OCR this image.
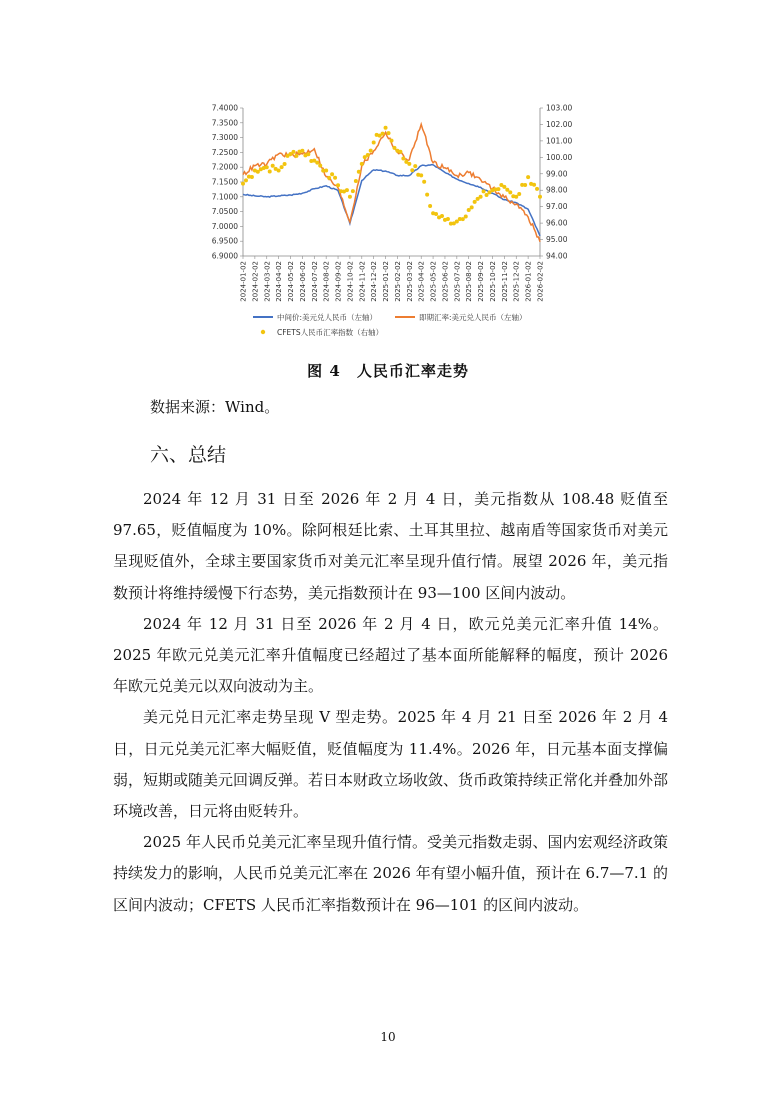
6.9000
6.9500
7.0000
7.0500
7.1000
7.1500
7.2000
7.2500
7.3000
7.3500
7.4000
94.00
95.00
96.00
97.00
98.00
99.00
100.00
101.00
102.00
103.00
2024-01-02 2024-02-02 2024-03-02 2024-04-02 2024-05-02 2024-06-02 2024-07-02 2024-08-02 2024-09-02 2024-10-02 2024-11-02 2024-12-02 2025-01-02 2025-02-02 2025-03-02 2025-04-02 2025-05-02 2025-06-02 2025-07-02 2025-08-02 2025-09-02 2025-10-02 2025-11-02 2025-12-02 2026-01-02 2026-02-02
中间价:美元兑人民币（左轴）	即期汇率:美元兑人民币（左轴）
CFETS人民币汇率指数（右轴）
图 4　人民币汇率走势
数据来源：Wind。
六、总结

2024 年 12 月 31 日至 2026 年 2 月 4 日，美元指数从 108.48 贬值至 97.65，贬值幅度为 10%。除阿根廷比索、土耳其里拉、越南盾等国家货币对美元呈现贬值外，全球主要国家货币对美元汇率呈现升值行情。展望 2026 年，美元指数预计将维持缓慢下行态势，美元指数预计在 93—100 区间内波动。

2024 年 12 月 31 日至 2026 年 2 月 4 日，欧元兑美元汇率升值 14%。2025 年欧元兑美元汇率升值幅度已经超过了基本面所能解释的幅度，预计 2026 年欧元兑美元以双向波动为主。

美元兑日元汇率走势呈现 V 型走势。2025 年 4 月 21 日至 2026 年 2 月 4 日，日元兑美元汇率大幅贬值，贬值幅度为 11.4%。2026 年，日元基本面支撑偏弱，短期或随美元回调反弹。若日本财政立场收敛、货币政策持续正常化并叠加外部环境改善，日元将由贬转升。

2025 年人民币兑美元汇率呈现升值行情。受美元指数走弱、国内宏观经济政策持续发力的影响，人民币兑美元汇率在 2026 年有望小幅升值，预计在 6.7—7.1 的区间内波动；CFETS 人民币汇率指数预计在 96—101 的区间内波动。

10
